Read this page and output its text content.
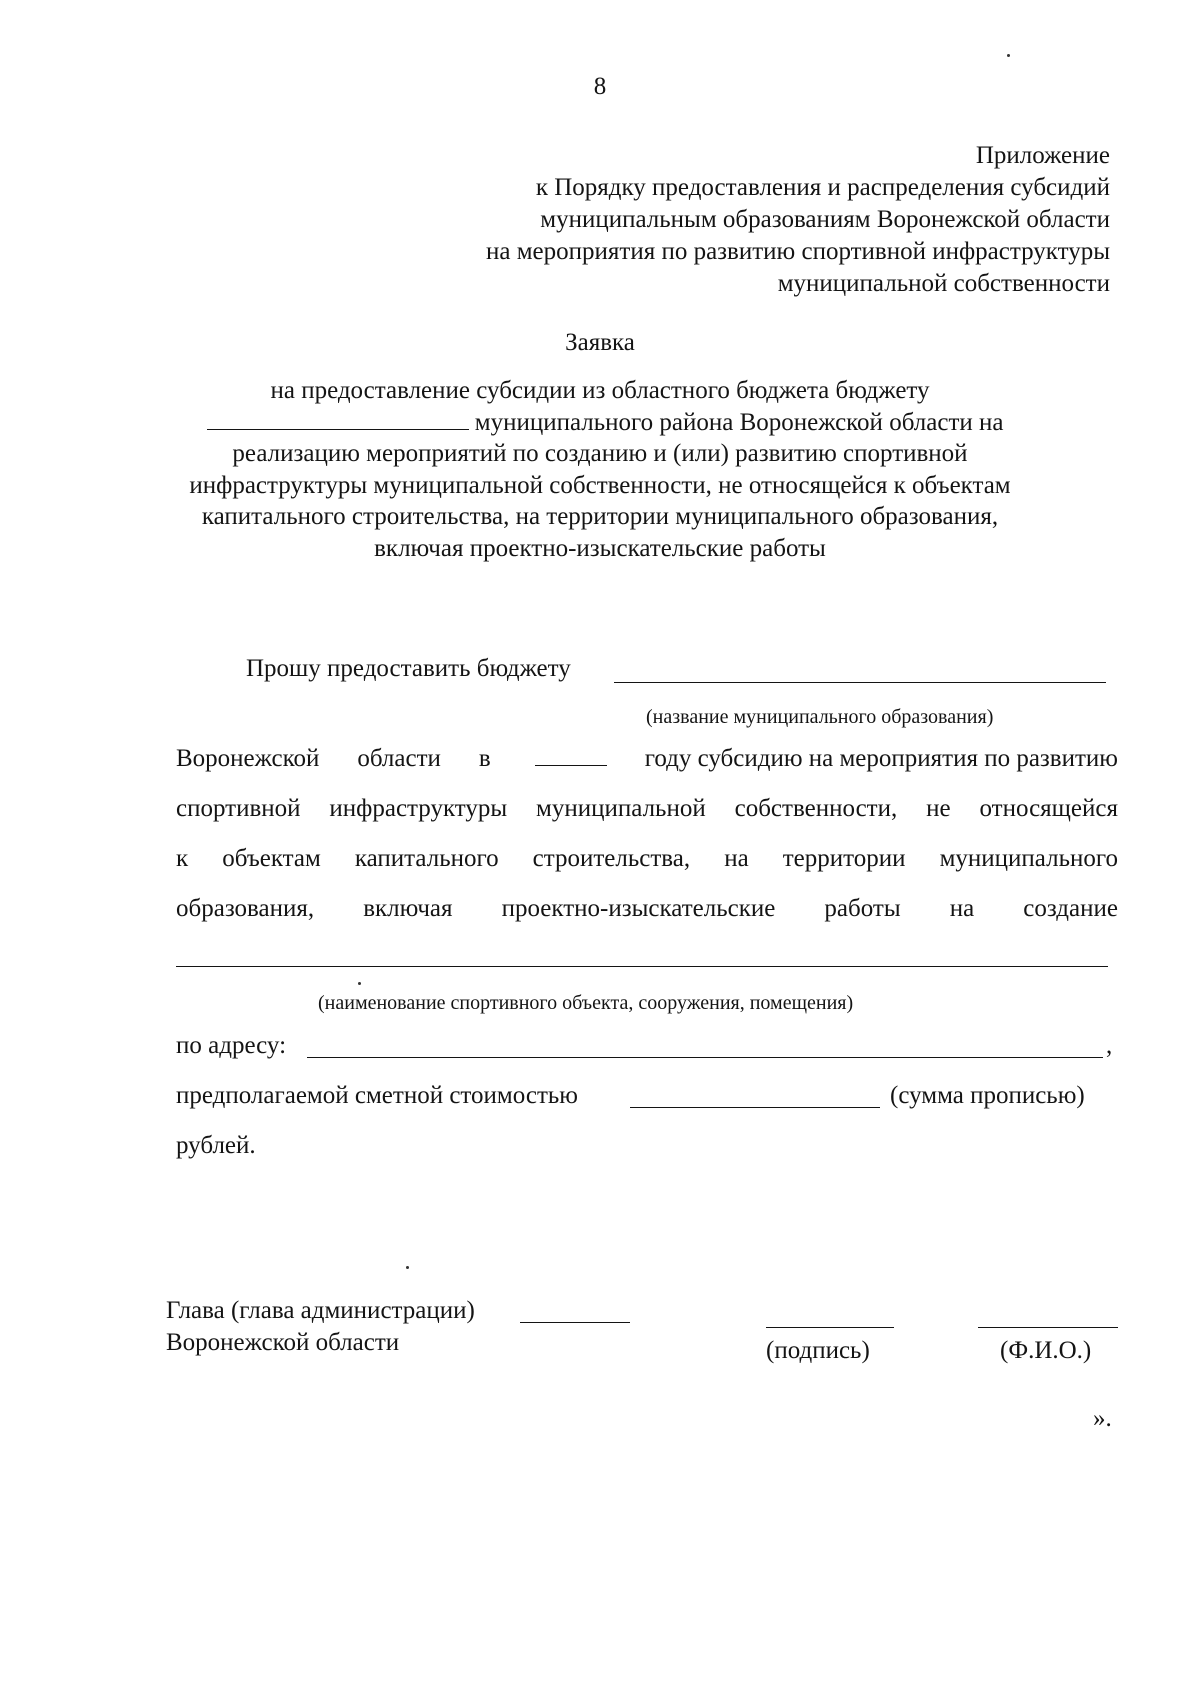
8
Приложение
к Порядку предоставления и распределения субсидий
муниципальным образованиям Воронежской области
на мероприятия по развитию спортивной инфраструктуры
муниципальной собственности
Заявка
на предоставление субсидии из областного бюджета бюджету
муниципального района Воронежской области на
реализацию мероприятий по созданию и (или) развитию спортивной
инфраструктуры муниципальной собственности, не относящейся к объектам
капитального строительства, на территории муниципального образования,
включая проектно-изыскательские работы
Прошу предоставить бюджету
(название муниципального образования)
Воронежской области в	году субсидию на мероприятия по развитию
спортивной инфраструктуры муниципальной собственности, не относящейся
к объектам капитального строительства, на территории муниципального
образования, включая проектно-изыскательские работы на создание
(наименование спортивного объекта, сооружения, помещения)
по адресу:	,
предполагаемой сметной стоимостью	(сумма прописью)
рублей.
Глава (глава администрации)
Воронежской области	(подпись)	(Ф.И.О.)
».
